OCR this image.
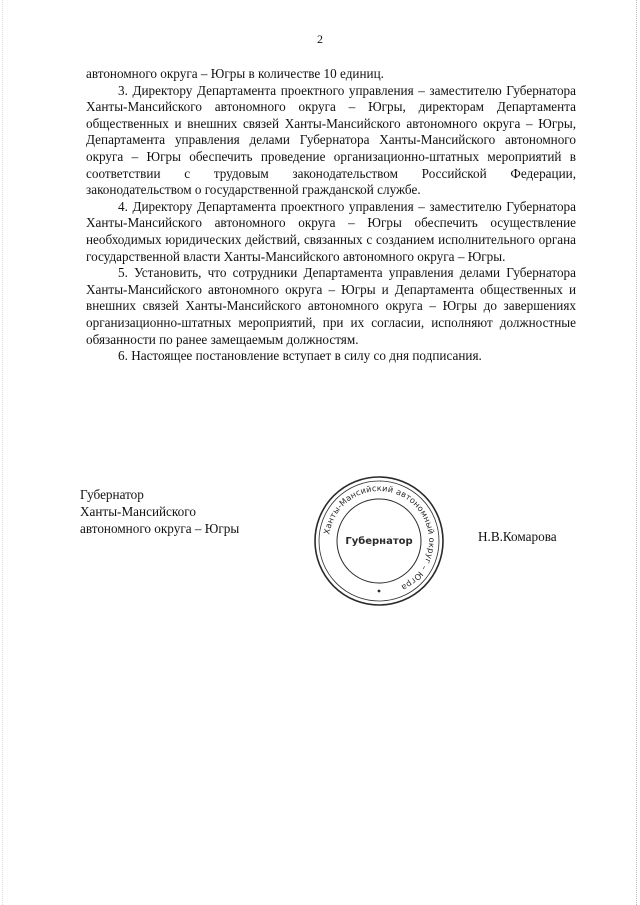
2

автономного округа – Югры в количестве 10 единиц.

3. Директору Департамента проектного управления – заместителю Губернатора Ханты-Мансийского автономного округа – Югры, директорам Департамента общественных и внешних связей Ханты-Мансийского автономного округа – Югры, Департамента управления делами Губернатора Ханты-Мансийского автономного округа – Югры обеспечить проведение организационно-штатных мероприятий в соответствии с трудовым законодательством Российской Федерации, законодательством о государственной гражданской службе.

4. Директору Департамента проектного управления – заместителю Губернатора Ханты-Мансийского автономного округа – Югры обеспечить осуществление необходимых юридических действий, связанных с созданием исполнительного органа государственной власти Ханты-Мансийского автономного округа – Югры.

5. Установить, что сотрудники Департамента управления делами Губернатора Ханты-Мансийского автономного округа – Югры и Департамента общественных и внешних связей Ханты-Мансийского автономного округа – Югры до завершениях организационно-штатных мероприятий, при их согласии, исполняют должностные обязанности по ранее замещаемым должностям.

6. Настоящее постановление вступает в силу со дня подписания.

Губернатор
Ханты-Мансийского
автономного округа – Югры	Ханты-Мансийский автономный округ – Югра
Губернатор	Н.В.Комарова
